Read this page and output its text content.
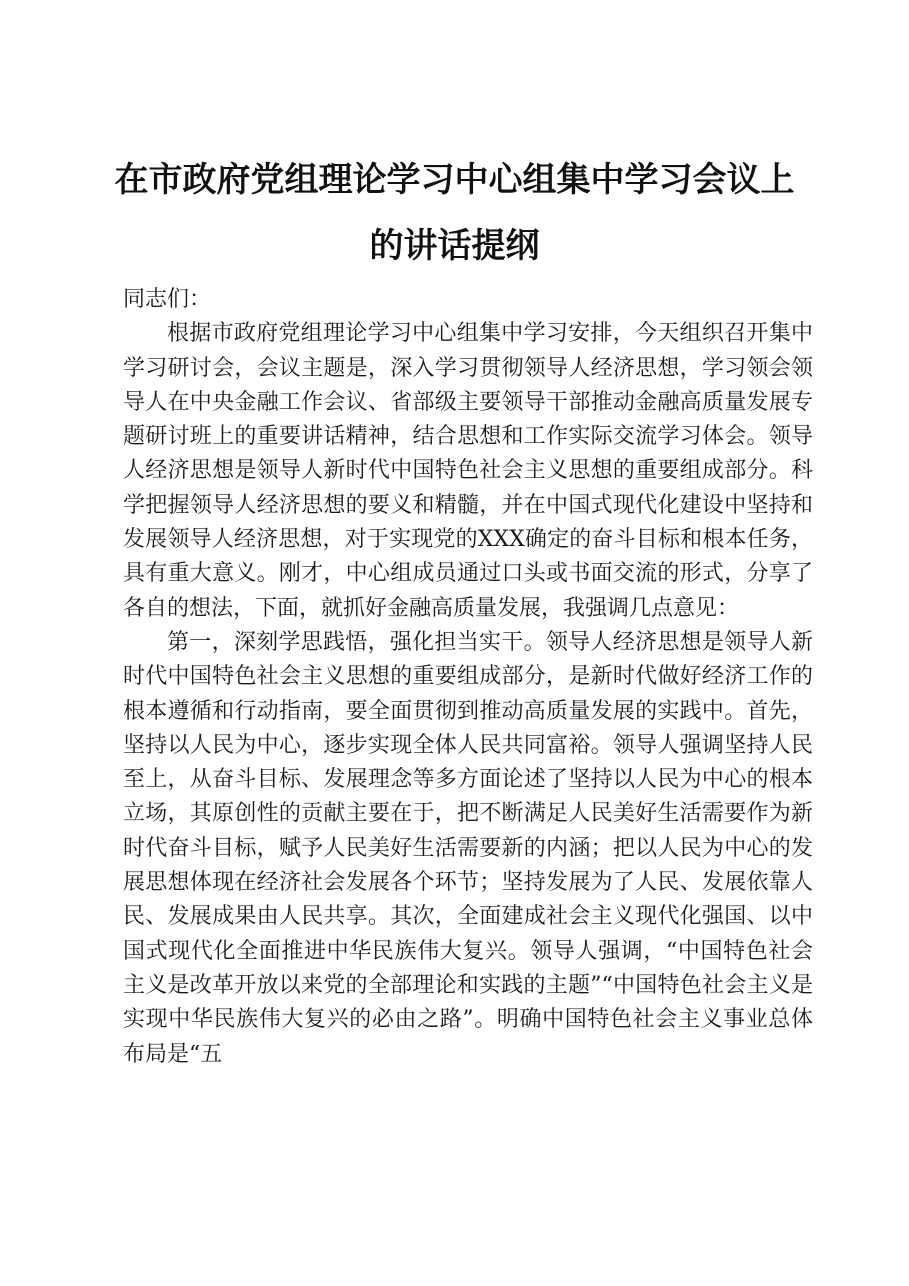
在市政府党组理论学习中心组集中学习会议上
的讲话提纲

同志们：

根据市政府党组理论学习中心组集中学习安排，今天组织召开集中学习研讨会，会议主题是，深入学习贯彻领导人经济思想，学习领会领导人在中央金融工作会议、省部级主要领导干部推动金融高质量发展专题研讨班上的重要讲话精神，结合思想和工作实际交流学习体会。领导人经济思想是领导人新时代中国特色社会主义思想的重要组成部分。科学把握领导人经济思想的要义和精髓，并在中国式现代化建设中坚持和发展领导人经济思想，对于实现党的XXX确定的奋斗目标和根本任务，具有重大意义。刚才，中心组成员通过口头或书面交流的形式，分享了各自的想法，下面，就抓好金融高质量发展，我强调几点意见：

第一，深刻学思践悟，强化担当实干。领导人经济思想是领导人新时代中国特色社会主义思想的重要组成部分，是新时代做好经济工作的根本遵循和行动指南，要全面贯彻到推动高质量发展的实践中。首先，坚持以人民为中心，逐步实现全体人民共同富裕。领导人强调坚持人民至上，从奋斗目标、发展理念等多方面论述了坚持以人民为中心的根本立场，其原创性的贡献主要在于，把不断满足人民美好生活需要作为新时代奋斗目标，赋予人民美好生活需要新的内涵；把以人民为中心的发展思想体现在经济社会发展各个环节；坚持发展为了人民、发展依靠人民、发展成果由人民共享。其次，全面建成社会主义现代化强国、以中国式现代化全面推进中华民族伟大复兴。领导人强调，“中国特色社会主义是改革开放以来党的全部理论和实践的主题”“中国特色社会主义是实现中华民族伟大复兴的必由之路”。明确中国特色社会主义事业总体布局是“五
